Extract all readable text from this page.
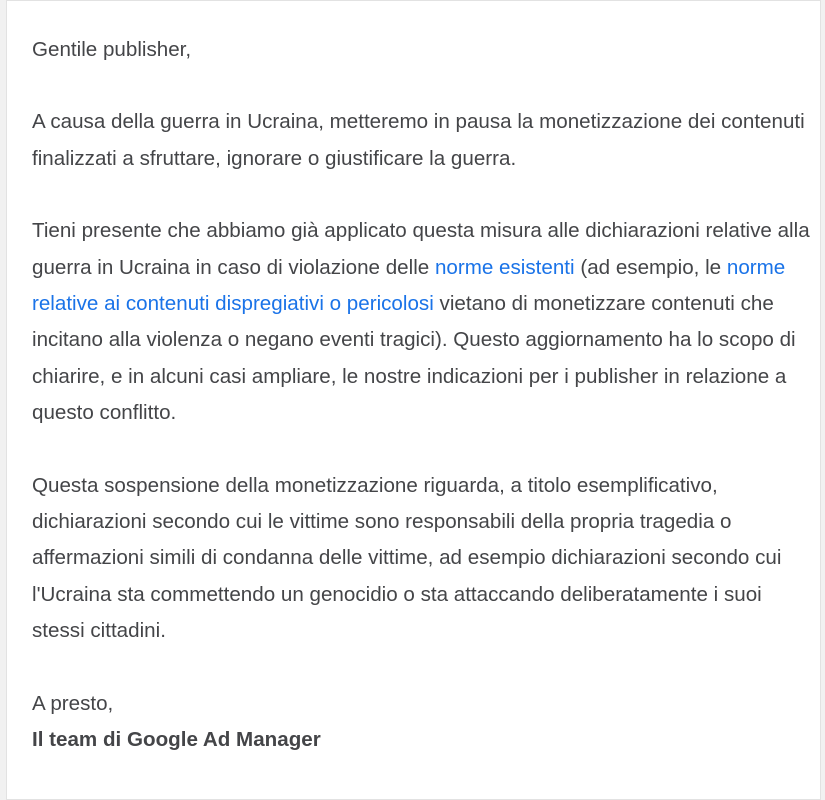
Gentile publisher,

A causa della guerra in Ucraina, metteremo in pausa la monetizzazione dei contenuti finalizzati a sfruttare, ignorare o giustificare la guerra.

Tieni presente che abbiamo già applicato questa misura alle dichiarazioni relative alla guerra in Ucraina in caso di violazione delle norme esistenti (ad esempio, le norme relative ai contenuti dispregiativi o pericolosi vietano di monetizzare contenuti che incitano alla violenza o negano eventi tragici). Questo aggiornamento ha lo scopo di chiarire, e in alcuni casi ampliare, le nostre indicazioni per i publisher in relazione a questo conflitto.

Questa sospensione della monetizzazione riguarda, a titolo esemplificativo, dichiarazioni secondo cui le vittime sono responsabili della propria tragedia o affermazioni simili di condanna delle vittime, ad esempio dichiarazioni secondo cui l'Ucraina sta commettendo un genocidio o sta attaccando deliberatamente i suoi stessi cittadini.

A presto,
Il team di Google Ad Manager
